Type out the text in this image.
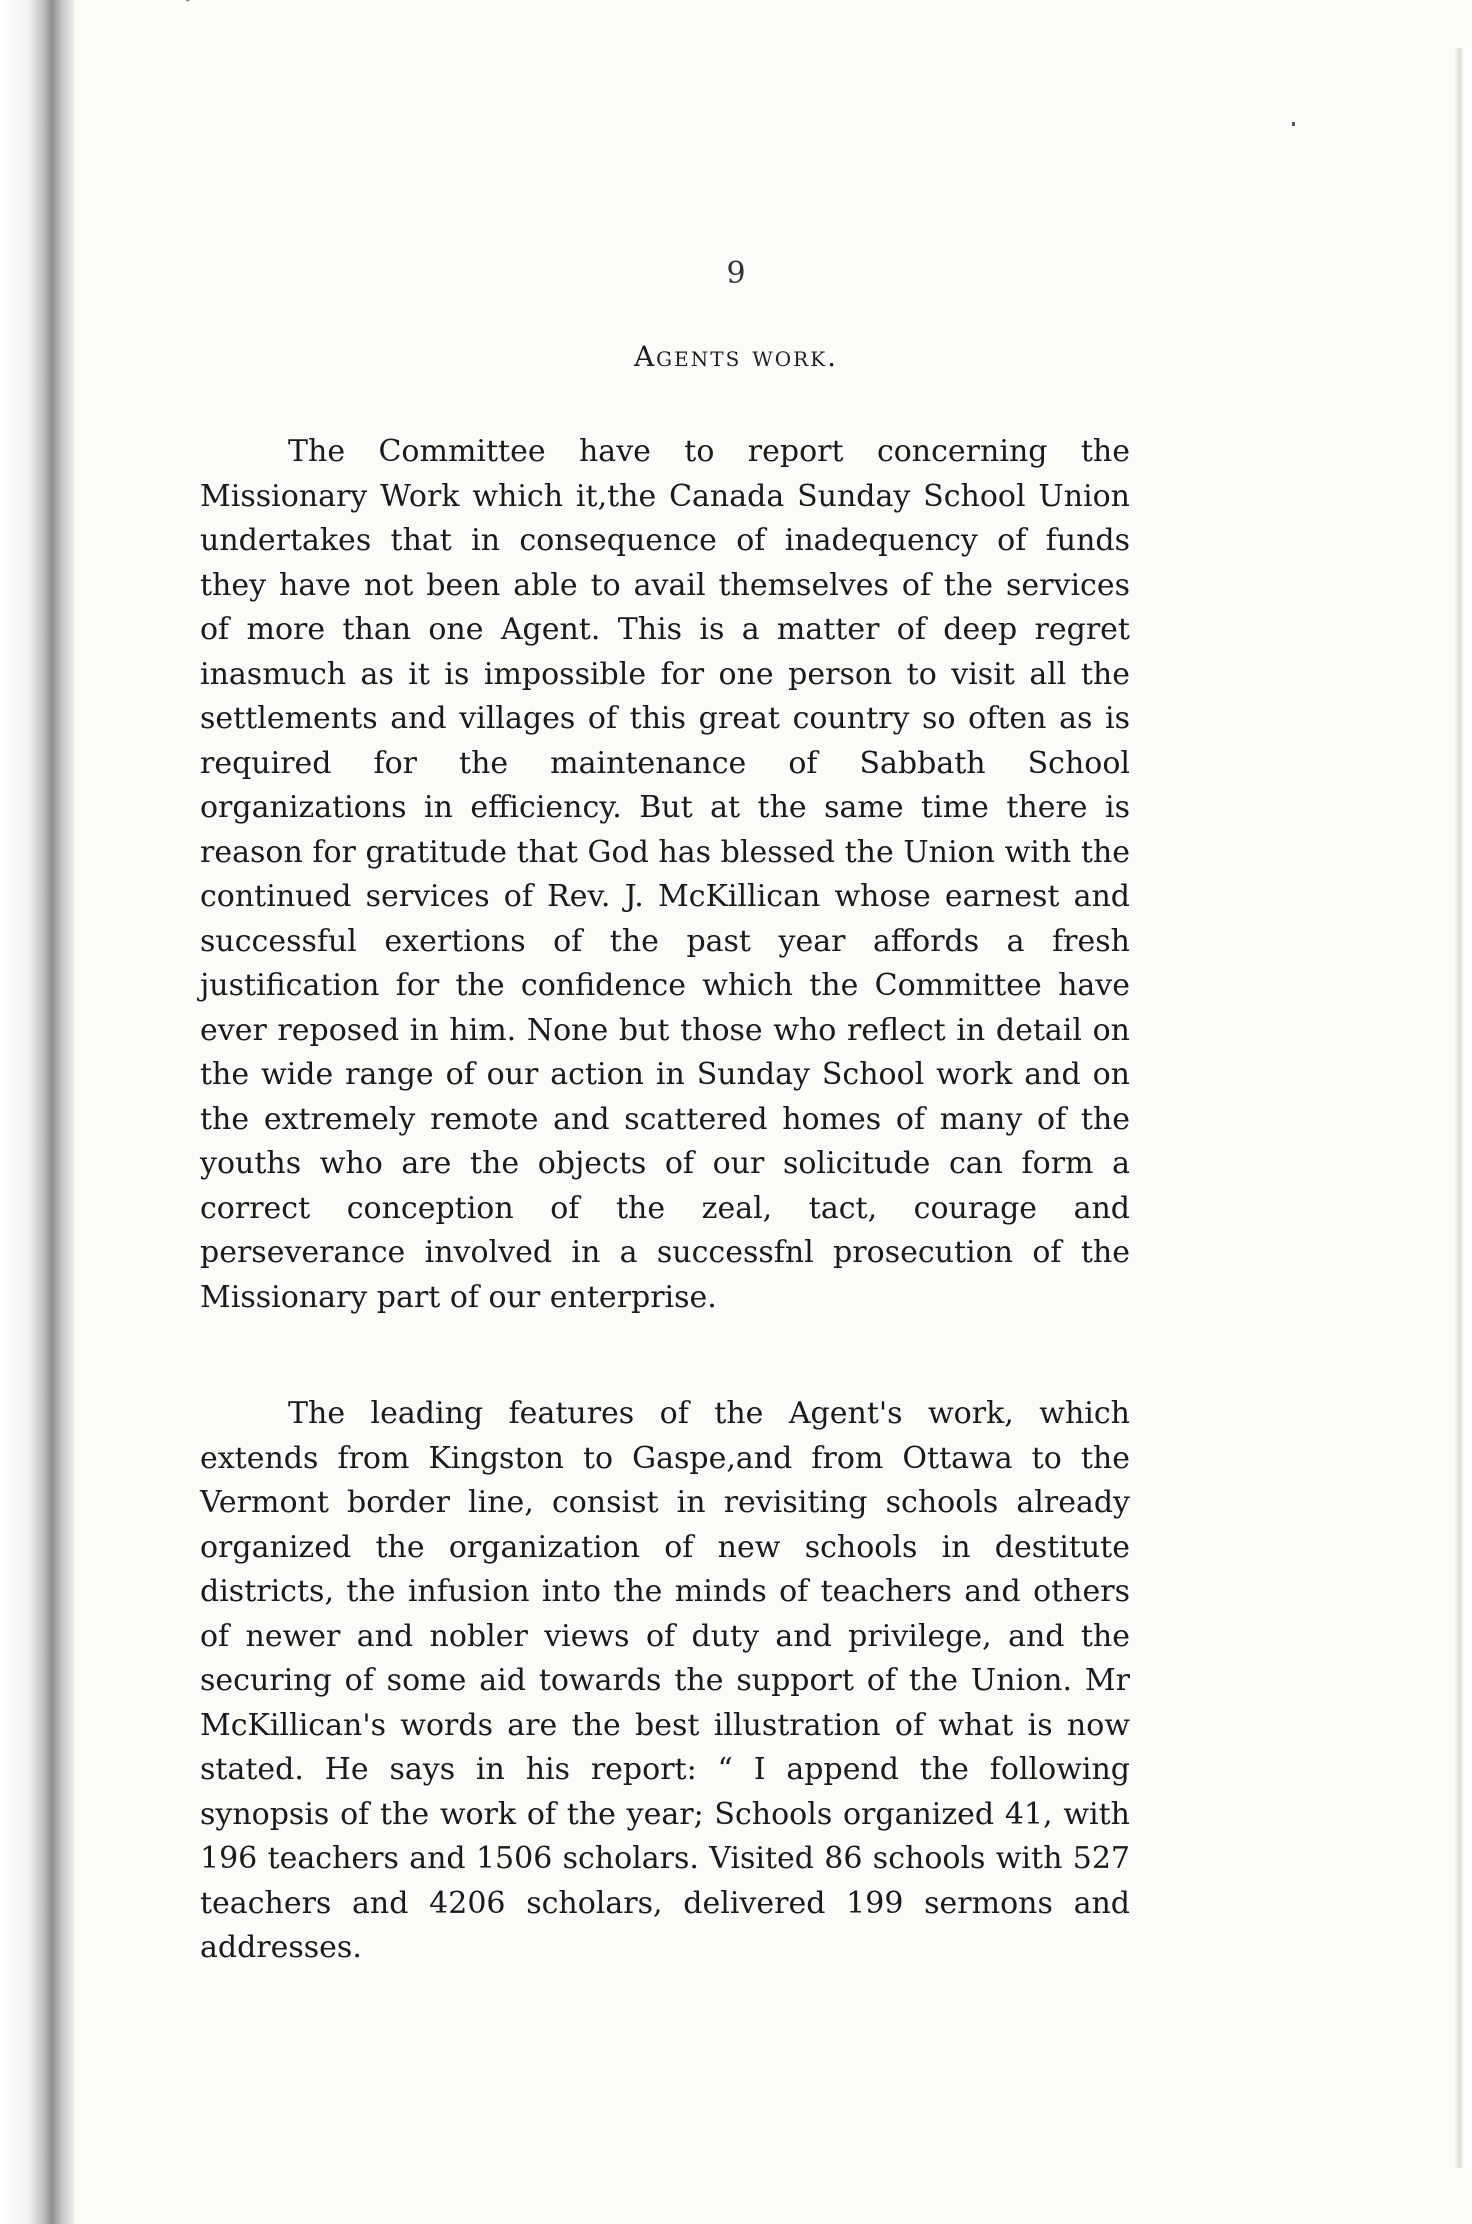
9
Agents work.

The Committee have to report concerning the Missionary Work which it,the Canada Sunday School Union undertakes that in consequence of inadequency of funds they have not been able to avail themselves of the services of more than one Agent. This is a matter of deep regret inasmuch as it is impossible for one person to visit all the settlements and villages of this great country so often as is required for the maintenance of Sabbath School organizations in efficiency. But at the same time there is reason for gratitude that God has blessed the Union with the continued services of Rev. J. McKillican whose earnest and successful exertions of the past year affords a fresh justification for the confidence which the Committee have ever reposed in him. None but those who reflect in detail on the wide range of our action in Sunday School work and on the extremely remote and scattered homes of many of the youths who are the objects of our solicitude can form a correct conception of the zeal, tact, courage and perseverance involved in a successfnl prosecution of the Missionary part of our enterprise.

The leading features of the Agent's work, which extends from Kingston to Gaspe,and from Ottawa to the Vermont border line, consist in revisiting schools already organized the organization of new schools in destitute districts, the infusion into the minds of teachers and others of newer and nobler views of duty and privilege, and the securing of some aid towards the support of the Union. Mr McKillican's words are the best illustration of what is now stated. He says in his report: “ I append the following synopsis of the work of the year; Schools organized 41, with 196 teachers and 1506 scholars. Visited 86 schools with 527 teachers and 4206 scholars, delivered 199 sermons and addresses.
